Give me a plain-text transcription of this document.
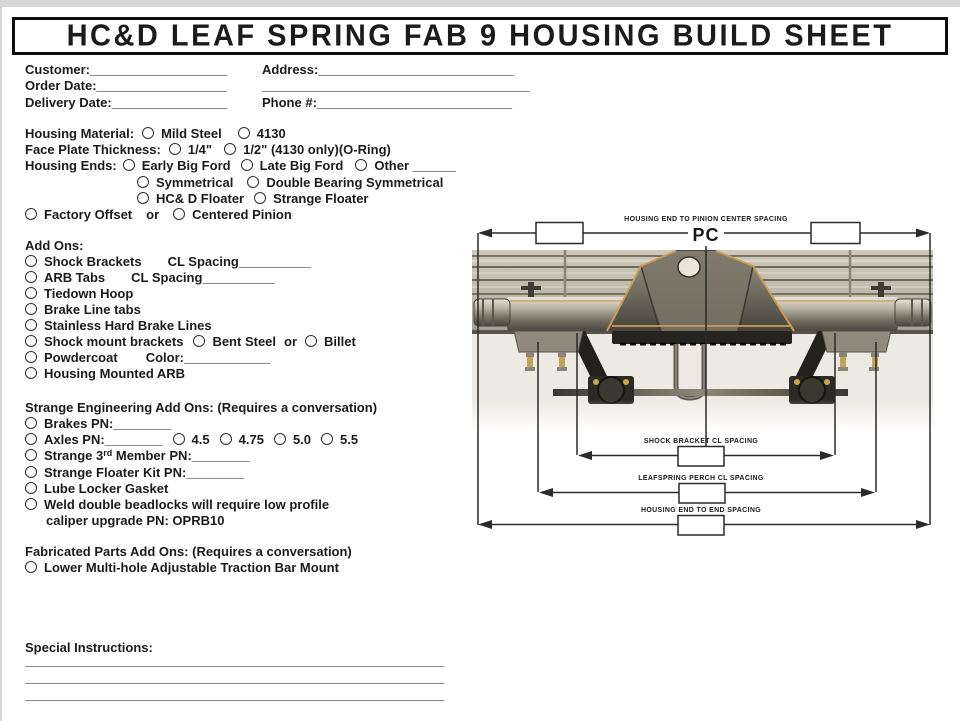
HC&D LEAF SPRING FAB 9 HOUSING BUILD SHEET
Customer:___________________	Address:___________________________
Order Date:__________________	_____________________________________
Delivery Date:________________	Phone #:___________________________
Housing Material: Mild Steel	4130
Face Plate Thickness: 1/4" 1/2" (4130 only)(O-Ring)
Housing Ends: Early Big Ford Late Big Ford Other ______
Symmetrical	Double Bearing Symmetrical
HC& D Floater Strange Floater
Factory Offset or	Centered Pinion
Add Ons:
Shock Brackets CL Spacing__________
ARB Tabs CL Spacing__________
Tiedown Hoop
Brake Line tabs
Stainless Hard Brake Lines
Shock mount brackets Bent Steel or Billet
Powdercoat Color:____________
Housing Mounted ARB
Strange Engineering Add Ons: (Requires a conversation)
Brakes PN:________
Axles PN:________ 4.5 4.75 5.0 5.5
Strange 3rd Member PN:________
Strange Floater Kit PN:________
Lube Locker Gasket
Weld double beadlocks will require low profile
caliper upgrade PN: OPRB10
Fabricated Parts Add Ons: (Requires a conversation)
Lower Multi-hole Adjustable Traction Bar Mount
Special Instructions:
__________________________________________________________
__________________________________________________________
__________________________________________________________
HOUSING END TO PINION CENTER SPACING
PC
SHOCK BRACKET CL SPACING
LEAFSPRING PERCH CL SPACING
HOUSING END TO END SPACING
